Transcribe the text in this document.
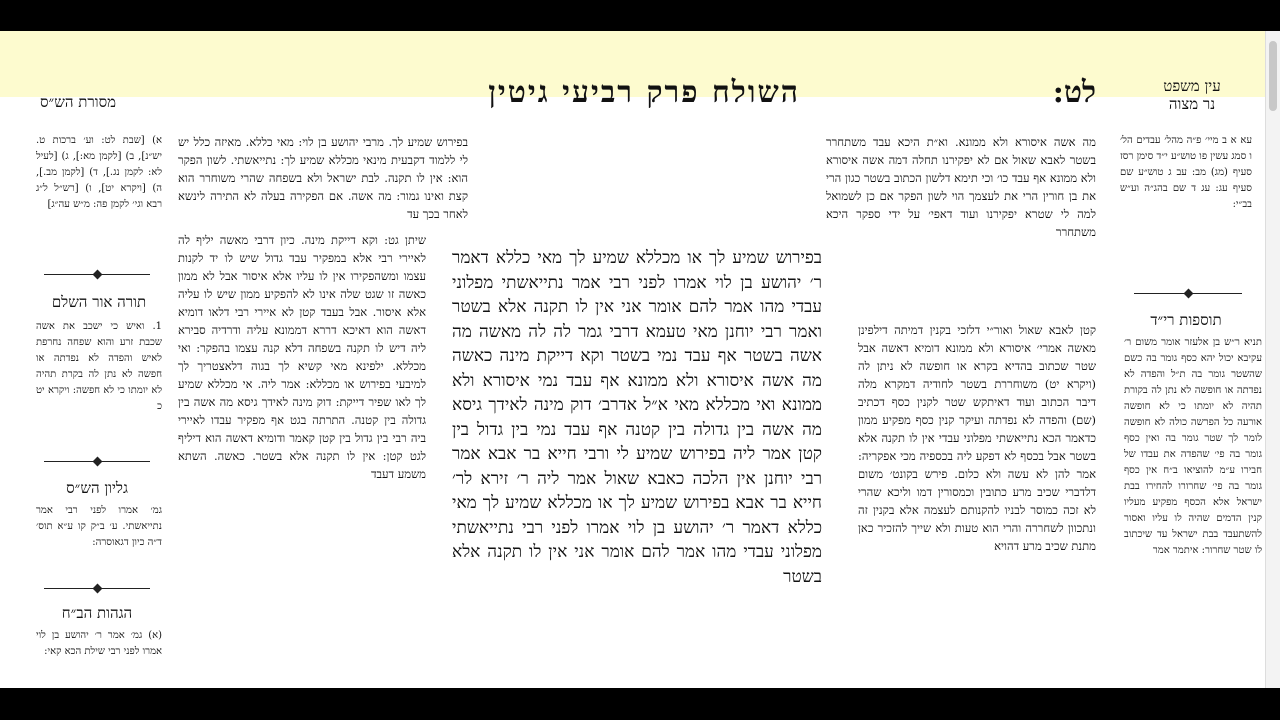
השולח פרק רביעי גיטין	לט:	עין משפט
נר מצוה
מסורת הש״ס
עא א ב מיי׳ פ״ה מהל׳ עבדים הל׳ ו סמג עשין פו טוש״ע י״ד סימן רסז סעיף (מג) מב: עב ג טוש״ע שם סעיף עג: עג ד שם בהג״ה וע״ש בב״י:
תוספות רי״ד
תניא ר״ש בן אלעזר אומר משום ר׳ עקיבא יכול יהא כסף גומר בה כשם שהשטר גומר בה ת״ל והפדה לא נפדתה או חופשה לא נתן לה בקורת תהיה לא יומתו כי לא חופשה אורעה כל הפרשה כולה לא חופשה לומר לך שטר גומר בה ואין כסף גומר בה פי׳ שהפדה את עבדו של חבירו ע״מ להוציאו ב״ח אין כסף גומר בה פי׳ שחרורו להחירו בבת ישראל אלא הכסף מפקיע מעליו קנין הדמים שהיה לו עליו ואסור להשתעבד בבת ישראל עד שיכתוב לו שטר שחרור: איתמר אמר
מה אשה איסורא ולא ממונא. וא״ת היכא עבד משתחרר בשטר לאבא שאול אם לא יפקירנו תחלה דמה אשה איסורא ולא ממונא אף עבד כו׳ וכי תימא דלשון הכתוב בשטר כגון הרי את בן חורין הרי את לעצמך הוי לשון הפקר אם כן לשמואל למה לי שטרא יפקירנו ועוד דאפי׳ על ידי ספקר היכא משתחרר
קטן לאבא שאול ואור״י דלזכי בקנין דמיתה דילפינן מאשה אמרי׳ איסורא ולא ממונא דומיא דאשה אבל שטר שכתוב בהדיא בקרא או חופשה לא ניתן לה (ויקרא יט) משוחררת בשטר לחודיה דמקרא מלה דיבר הכתוב ועוד דאיתקש שטר לקנין כסף דכתיב (שם) והפדה לא נפדתה ועיקר קנין כסף מפקיע ממון כדאמר הכא נתייאשתי מפלוני עבדי אין לו תקנה אלא בשטר אבל בכסף לא דפקע ליה בכספיה מכי אפקריה: אמר להן לא עשה ולא כלום. פירש בקונט׳ משום דלדברי שכיב מרע כתובין וכמסורין דמו וליכא שהרי לא זכה כמוסר לבניו להקנותם לעצמה אלא בקנין זה ונתכוון לשחררה והרי הוא טעות ולא שייך להזכיר כאן מתנת שכיב מרע דהויא
בפירוש שמיע לך או מכללא שמיע לך מאי כללא דאמר ר׳ יהושע בן לוי אמרו לפני רבי אמר נתייאשתי מפלוני עבדי מהו אמר להם אומר אני אין לו תקנה אלא בשטר ואמר רבי יוחנן מאי טעמא דרבי גמר לה לה מאשה מה אשה בשטר אף עבד נמי בשטר וקא דייקת מינה כאשה מה אשה איסורא ולא ממונא אף עבד נמי איסורא ולא ממונא ואי מכללא מאי א״ל אדרב׳ דוק מינה לאידך גיסא מה אשה בין גדולה בין קטנה אף עבד נמי בין גדול בין קטן אמר ליה בפירוש שמיע לי ורבי חייא בר אבא אמר רבי יוחנן אין הלכה כאבא שאול אמר ליה ר׳ זירא לר׳ חייא בר אבא בפירוש שמיע לך או מכללא שמיע לך מאי כללא דאמר ר׳ יהושע בן לוי אמרו לפני רבי נתייאשתי מפלוני עבדי מהו אמר להם אומר אני אין לו תקנה אלא בשטר
בפירוש שמיע לך. מרבי יהושע בן לוי: מאי כללא. מאיזה כלל יש לי ללמוד דקבעית מינאי מכללא שמיע לך: נתייאשתי. לשון הפקר הוא: אין לו תקנה. לבת ישראל ולא בשפחה שהרי משוחרר הוא קצת ואינו גמור: מה אשה. אם הפקירה בעלה לא התירה לינשא לאחר בכך עד
שיתן גט: וקא דייקת מינה. כיון דרבי מאשה יליף לה לאיירי רבי אלא במפקיר עבד גדול שיש לו יד לקנות עצמו ומשהפקירו אין לו עליו אלא איסור אבל לא ממון כאשה זו שגט שלה אינו לא להפקיע ממון שיש לו עליה אלא איסור. אבל בעבד קטן לא איירי רבי דלאו דומיא דאשה הוא דאיכא דררא דממונא עליה ודרדיה סבירא ליה דיש לו תקנה בשפחה דלא קנה עצמו בהפקר: ואי מכללא. ילפינא מאי קשיא לך בגוה דלאצטריך לך למיבעי בפירוש או מכללא: אמר ליה. אי מכללא שמיע לך לאו שפיר דייקת: דוק מינה לאידך גיסא מה אשה בין גדולה בין קטנה. התרתה בגט אף מפקיר עבדו לאיירי ביה רבי בין גדול בין קטן קאמר ודומיא דאשה הוא דיליף לגט קטן: אין לו תקנה אלא בשטר. כאשה. השתא משמע דעבד
א) [שבת לט: וע׳ ברכות ט. יש״נ], ב) [לקמן מא:], ג) [לעיל לא: לקמן נג.], ד) [לקמן מב.], ה) [ויקרא יט], ו) [רש״ל ל״ג רבא וגי׳ לקמן פה: מ״ש עה״ג]
תורה אור השלם
1. ואיש כי ישכב את אשה שכבת זרע והוא שפחה נחרפת לאיש והפדה לא נפדתה או חפשה לא נתן לה בקרת תהיה לא יומתו כי לא חפשה: ויקרא יט כ
גליון הש״ס
גמ׳ אמרו לפני רבי אמר נתייאשתי. ע׳ ב״ק קו ע״א תוס׳ ד״ה כיון דגאוסרה:
הגהות הב״ח
(א) גמ׳ אמר ר׳ יהושע בן לוי אמרו לפני רבי שילת הכא קאי:
